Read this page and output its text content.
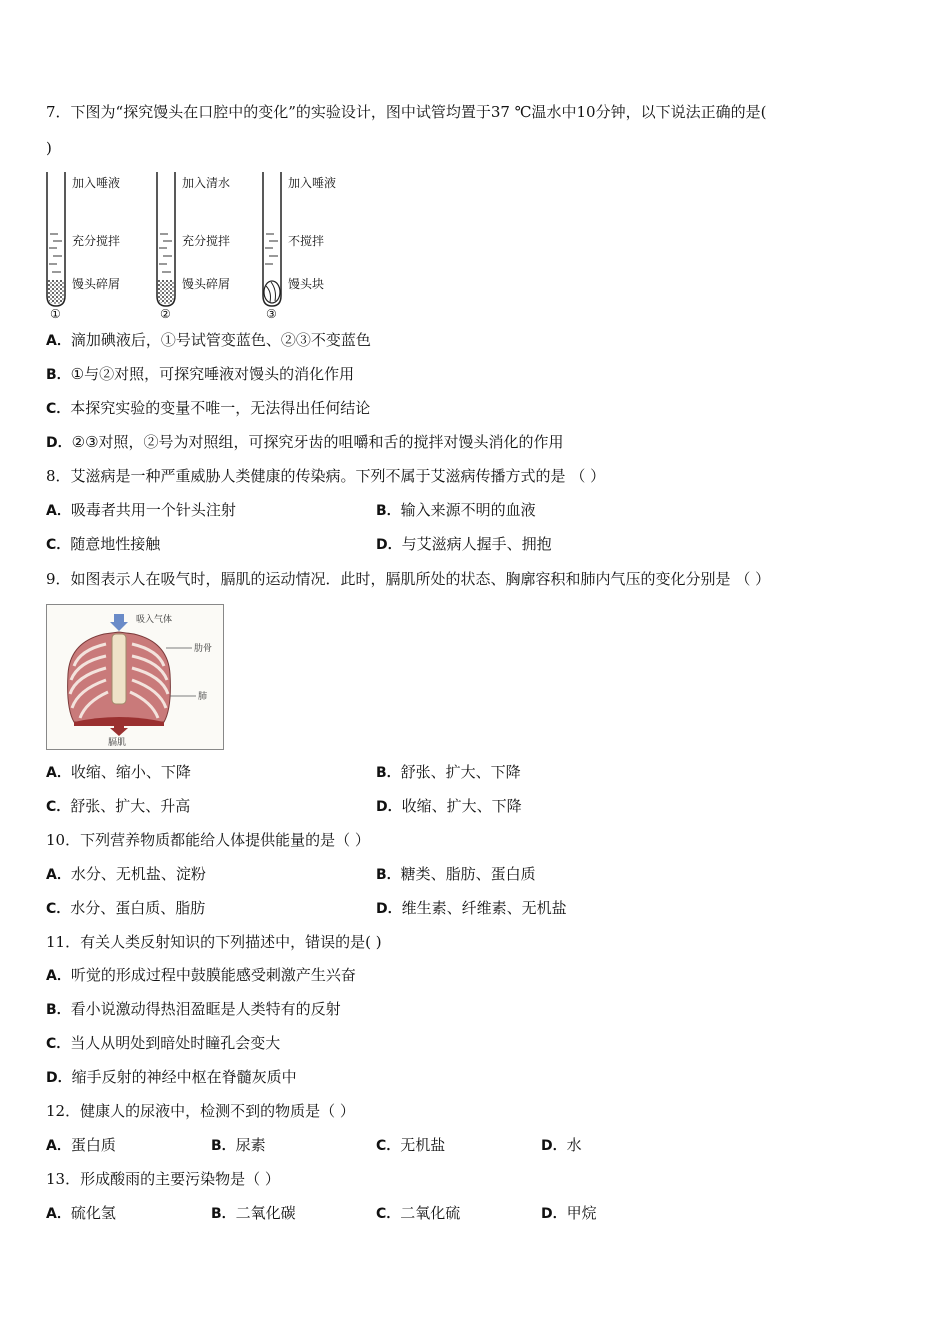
7．下图为“探究馒头在口腔中的变化”的实验设计，图中试管均置于37 ℃温水中10分钟，以下说法正确的是(
)
加入唾液
充分搅拌
馒头碎屑
①
加入清水
充分搅拌
馒头碎屑
②
加入唾液
不搅拌
馒头块
③
A．滴加碘液后，①号试管变蓝色、②③不变蓝色
B．①与②对照，可探究唾液对馒头的消化作用
C．本探究实验的变量不唯一，无法得出任何结论
D．②③对照，②号为对照组，可探究牙齿的咀嚼和舌的搅拌对馒头消化的作用
8．艾滋病是一种严重威胁人类健康的传染病。下列不属于艾滋病传播方式的是 （ ）
A．吸毒者共用一个针头注射	B．输入来源不明的血液
C．随意地性接触	D．与艾滋病人握手、拥抱
9．如图表示人在吸气时，膈肌的运动情况．此时，膈肌所处的状态、胸廓容积和肺内气压的变化分别是 （ ）
吸入气体
肋骨
肺
膈肌
A．收缩、缩小、下降	B．舒张、扩大、下降
C．舒张、扩大、升高	D．收缩、扩大、下降
10．下列营养物质都能给人体提供能量的是（ ）
A．水分、无机盐、淀粉	B．糖类、脂肪、蛋白质
C．水分、蛋白质、脂肪	D．维生素、纤维素、无机盐
11．有关人类反射知识的下列描述中，错误的是( )
A．听觉的形成过程中鼓膜能感受刺激产生兴奋
B．看小说激动得热泪盈眶是人类特有的反射
C．当人从明处到暗处时瞳孔会变大
D．缩手反射的神经中枢在脊髓灰质中
12．健康人的尿液中，检测不到的物质是（ ）
A．蛋白质	B．尿素	C．无机盐	D．水
13．形成酸雨的主要污染物是（ ）
A．硫化氢	B．二氧化碳	C．二氧化硫	D．甲烷
